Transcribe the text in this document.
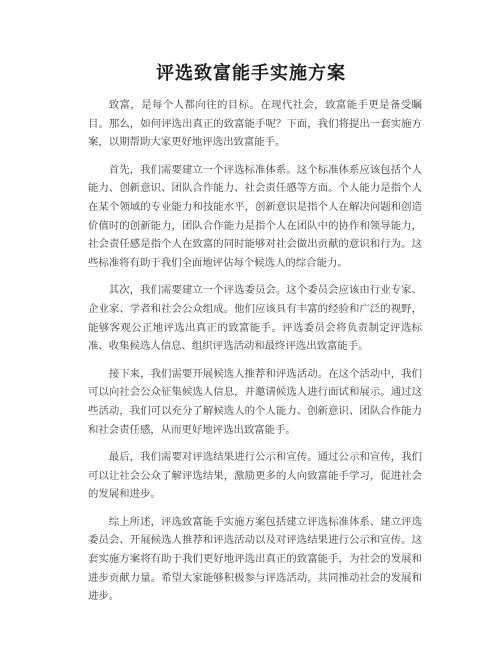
评选致富能手实施方案

致富，是每个人都向往的目标。在现代社会，致富能手更是备受瞩目。那么，如何评选出真正的致富能手呢？下面，我们将提出一套实施方案，以期帮助大家更好地评选出致富能手。

首先，我们需要建立一个评选标准体系。这个标准体系应该包括个人能力、创新意识、团队合作能力、社会责任感等方面。个人能力是指个人在某个领域的专业能力和技能水平，创新意识是指个人在解决问题和创造价值时的创新能力，团队合作能力是指个人在团队中的协作和领导能力，社会责任感是指个人在致富的同时能够对社会做出贡献的意识和行为。这些标准将有助于我们全面地评估每个候选人的综合能力。

其次，我们需要建立一个评选委员会。这个委员会应该由行业专家、企业家、学者和社会公众组成。他们应该具有丰富的经验和广泛的视野，能够客观公正地评选出真正的致富能手。评选委员会将负责制定评选标准、收集候选人信息、组织评选活动和最终评选出致富能手。

接下来，我们需要开展候选人推荐和评选活动。在这个活动中，我们可以向社会公众征集候选人信息，并邀请候选人进行面试和展示。通过这些活动，我们可以充分了解候选人的个人能力、创新意识、团队合作能力和社会责任感，从而更好地评选出致富能手。

最后，我们需要对评选结果进行公示和宣传。通过公示和宣传，我们可以让社会公众了解评选结果，激励更多的人向致富能手学习，促进社会的发展和进步。

综上所述，评选致富能手实施方案包括建立评选标准体系、建立评选委员会、开展候选人推荐和评选活动以及对评选结果进行公示和宣传。这套实施方案将有助于我们更好地评选出真正的致富能手，为社会的发展和进步贡献力量。希望大家能够积极参与评选活动，共同推动社会的发展和进步。
